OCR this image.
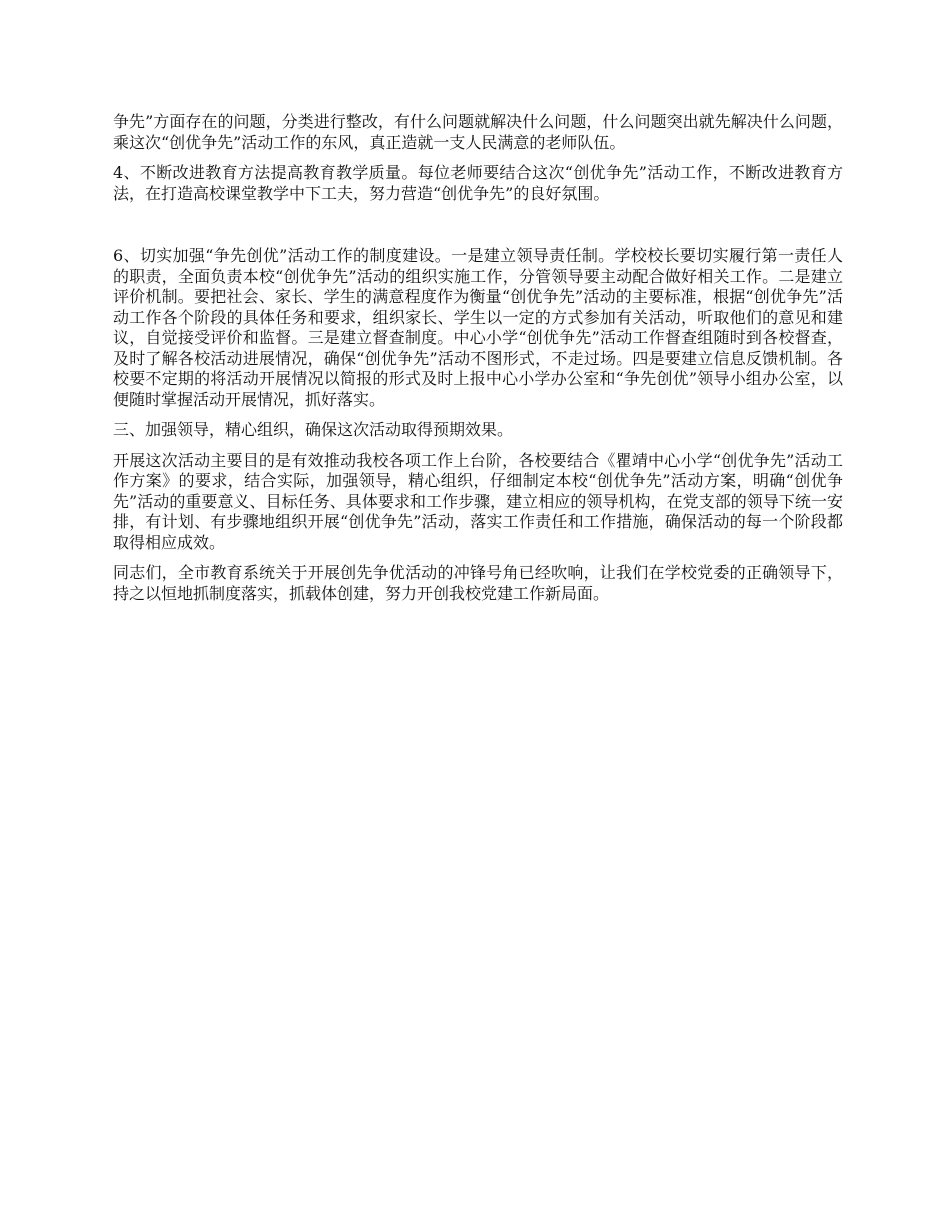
争先”方面存在的问题，分类进行整改，有什么问题就解决什么问题，什么问题突出就先解决什么问题，乘这次“创优争先”活动工作的东风，真正造就一支人民满意的老师队伍。

4、不断改进教育方法提高教育教学质量。每位老师要结合这次“创优争先”活动工作，不断改进教育方法，在打造高校课堂教学中下工夫，努力营造“创优争先”的良好氛围。

6、切实加强“争先创优”活动工作的制度建设。一是建立领导责任制。学校校长要切实履行第一责任人的职责，全面负责本校“创优争先”活动的组织实施工作，分管领导要主动配合做好相关工作。二是建立评价机制。要把社会、家长、学生的满意程度作为衡量“创优争先”活动的主要标准，根据“创优争先”活动工作各个阶段的具体任务和要求，组织家长、学生以一定的方式参加有关活动，听取他们的意见和建议，自觉接受评价和监督。三是建立督查制度。中心小学“创优争先”活动工作督查组随时到各校督查，及时了解各校活动进展情况，确保“创优争先”活动不图形式，不走过场。四是要建立信息反馈机制。各校要不定期的将活动开展情况以简报的形式及时上报中心小学办公室和“争先创优”领导小组办公室，以便随时掌握活动开展情况，抓好落实。

三、加强领导，精心组织，确保这次活动取得预期效果。

开展这次活动主要目的是有效推动我校各项工作上台阶，各校要结合《瞿靖中心小学“创优争先”活动工作方案》的要求，结合实际，加强领导，精心组织，仔细制定本校“创优争先”活动方案，明确“创优争先”活动的重要意义、目标任务、具体要求和工作步骤，建立相应的领导机构，在党支部的领导下统一安排，有计划、有步骤地组织开展“创优争先”活动，落实工作责任和工作措施，确保活动的每一个阶段都取得相应成效。

同志们，全市教育系统关于开展创先争优活动的冲锋号角已经吹响，让我们在学校党委的正确领导下，持之以恒地抓制度落实，抓载体创建，努力开创我校党建工作新局面。
